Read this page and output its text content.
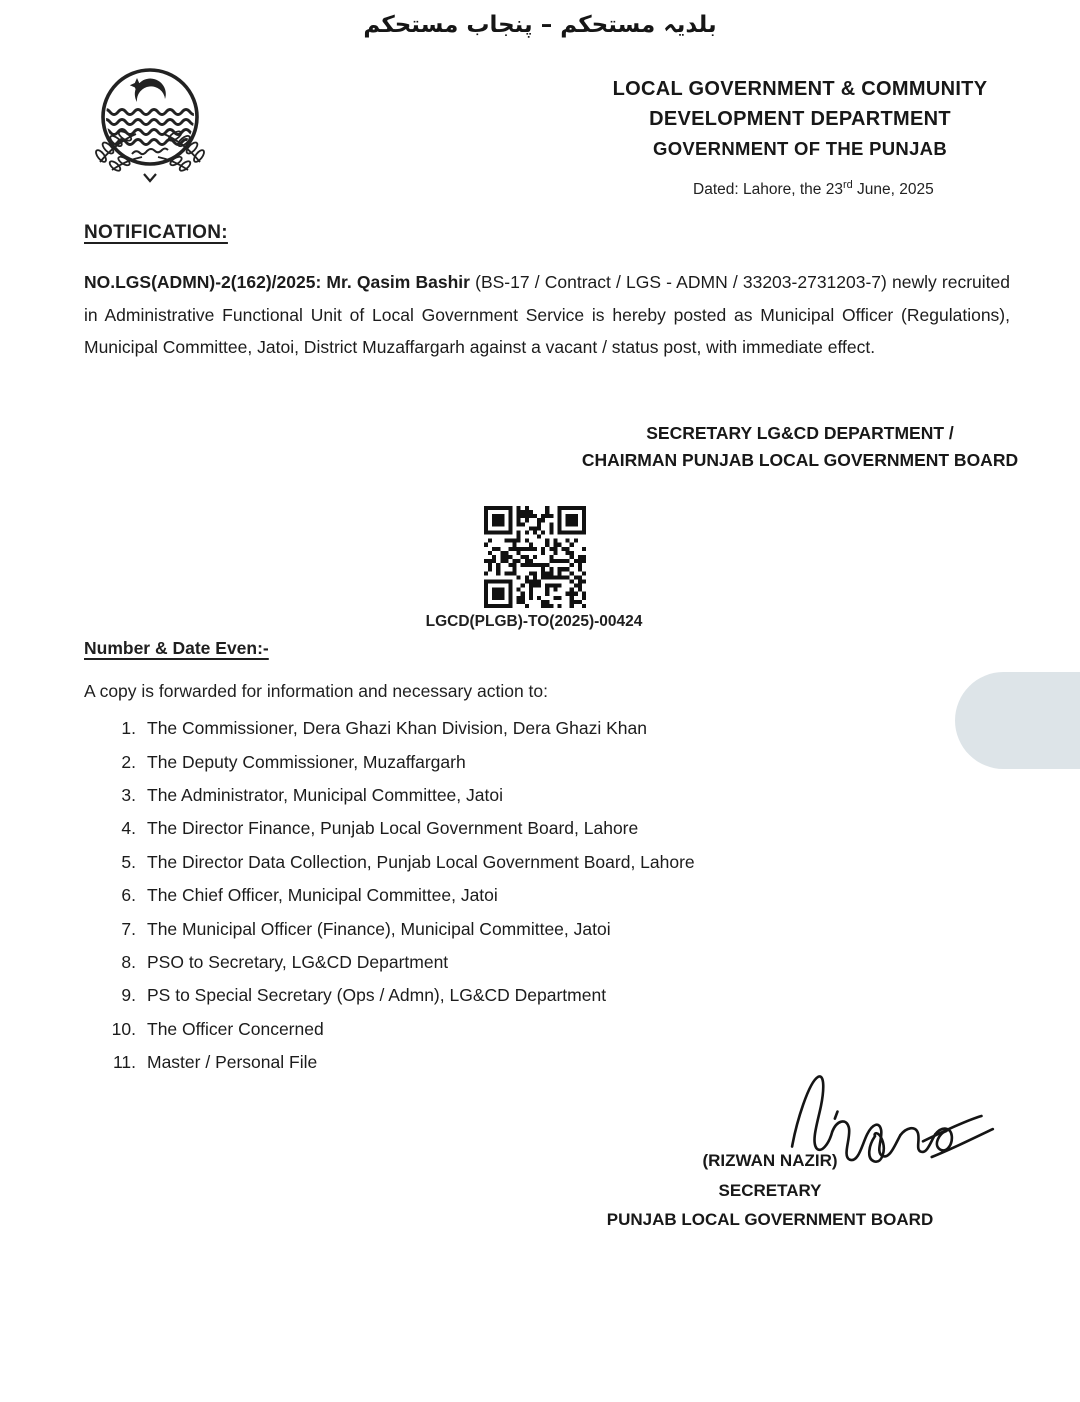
بلدیہ مستحکم – پنجاب مستحکم
LOCAL GOVERNMENT & COMMUNITY
DEVELOPMENT DEPARTMENT
GOVERNMENT OF THE PUNJAB
Dated: Lahore, the 23rd June, 2025
NOTIFICATION:
NO.LGS(ADMN)-2(162)/2025: Mr. Qasim Bashir (BS-17 / Contract / LGS - ADMN / 33203-2731203-7) newly recruited in Administrative Functional Unit of Local Government Service is hereby posted as Municipal Officer (Regulations), Municipal Committee, Jatoi, District Muzaffargarh against a vacant / status post, with immediate effect.
SECRETARY LG&CD DEPARTMENT /
CHAIRMAN PUNJAB LOCAL GOVERNMENT BOARD
LGCD(PLGB)-TO(2025)-00424
Number & Date Even:-
A copy is forwarded for information and necessary action to:
1. The Commissioner, Dera Ghazi Khan Division, Dera Ghazi Khan
2. The Deputy Commissioner, Muzaffargarh
3. The Administrator, Municipal Committee, Jatoi
4. The Director Finance, Punjab Local Government Board, Lahore
5. The Director Data Collection, Punjab Local Government Board, Lahore
6. The Chief Officer, Municipal Committee, Jatoi
7. The Municipal Officer (Finance), Municipal Committee, Jatoi
8. PSO to Secretary, LG&CD Department
9. PS to Special Secretary (Ops / Admn), LG&CD Department
10. The Officer Concerned
11. Master / Personal File
(RIZWAN NAZIR)
SECRETARY
PUNJAB LOCAL GOVERNMENT BOARD
